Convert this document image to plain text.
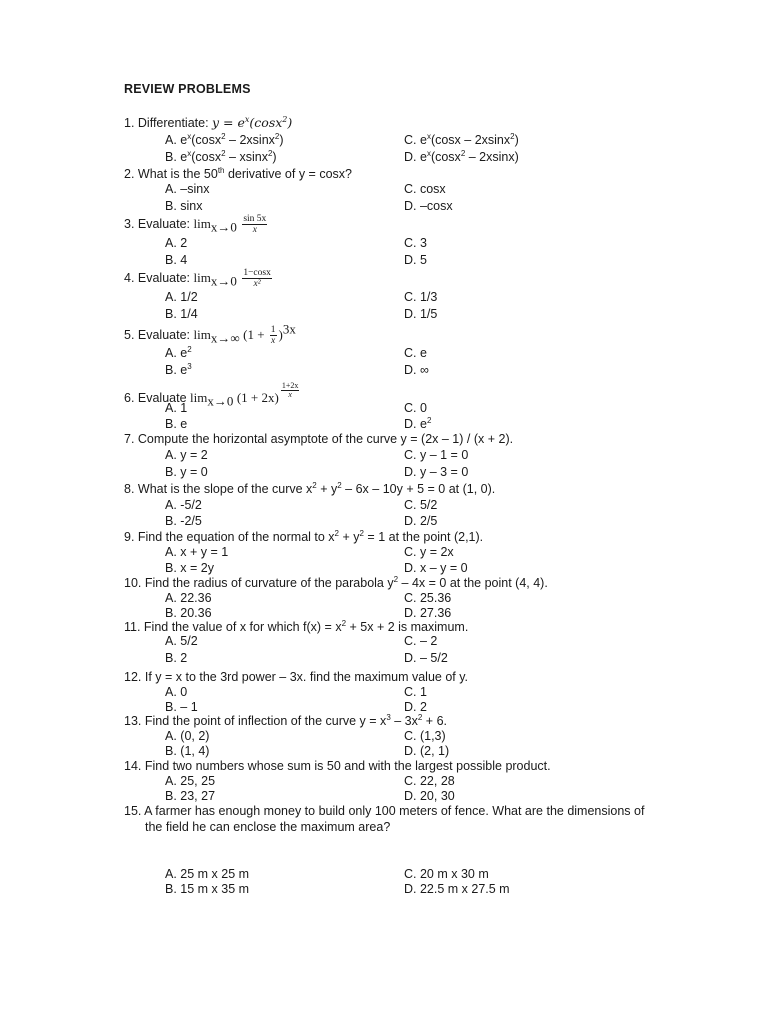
REVIEW PROBLEMS
1. Differentiate: $y = e^x(\cos x^2)$
A. $e^x(\cos x^2 - 2xsinx^2)$	C. $e^x(\cos x - 2xsinx^2)$
B. $e^x(\cos x^2 - xsinx^2)$	D. $e^x(\cos x^2 - 2xsinx)$
2. What is the 50th derivative of y = cosx?
A. –sinx	C. cosx
B. sinx	D. –cosx
3. Evaluate: $\lim_{x\to 0} \frac{\sin 5x}{x}$
A. 2	C. 3
B. 4	D. 5
4. Evaluate: $\lim_{x\to 0} \frac{1-\cos x}{\text{x²}}$
A. 1/2	C. 1/3
B. 1/4	D. 1/5
5. Evaluate: $\lim_{x\to\infty} (1 + \frac{1}{x} )^{3x}$
A. $e^2$	C. e
B. $e^3$	D. ∞
6. Evaluate $\lim_{x\to 0} (1 + 2x) \frac{1+2x}{x}$
A. 1	C. 0
B. e	D. $e^2$
7. Compute the horizontal asymptote of the curve y = (2x – 1) / (x + 2).
A. y = 2	C. y – 1 = 0
B. y = 0	D. y – 3 = 0
8. What is the slope of the curve $x^2 + y^2 - 6x - 10y + 5 = 0$ at (1, 0).
A. -5/2	C. 5/2
B. -2/5	D. 2/5
9. Find the equation of the normal to $x^2 + y^2 = 1$ at the point (2,1).
A. x + y = 1	C. y = 2x
B. x = 2y	D. x – y = 0
10. Find the radius of curvature of the parabola $y^2 - 4x = 0$ at the point (4, 4).
A. 22.36	C. 25.36
B. 20.36	D. 27.36
11. Find the value of x for which $f(x) = x^2 + 5x + 2$ is maximum.
A. 5/2	C. – 2
B. 2	D. – 5/2
12. If y = x to the 3rd power – 3x. find the maximum value of y.
A. 0	C. 1
B. – 1	D. 2
13. Find the point of inflection of the curve $y = x^3 - 3x^2 + 6$.
A. (0, 2)	C. (1,3)
B. (1, 4)	D. (2, 1)
14. Find two numbers whose sum is 50 and with the largest possible product.
A. 25, 25	C. 22, 28
B. 23, 27	D. 20, 30
15. A farmer has enough money to build only 100 meters of fence. What are the dimensions of
the field he can enclose the maximum area?
A. 25 m x 25 m	C. 20 m x 30 m
B. 15 m x 35 m	D. 22.5 m x 27.5 m
